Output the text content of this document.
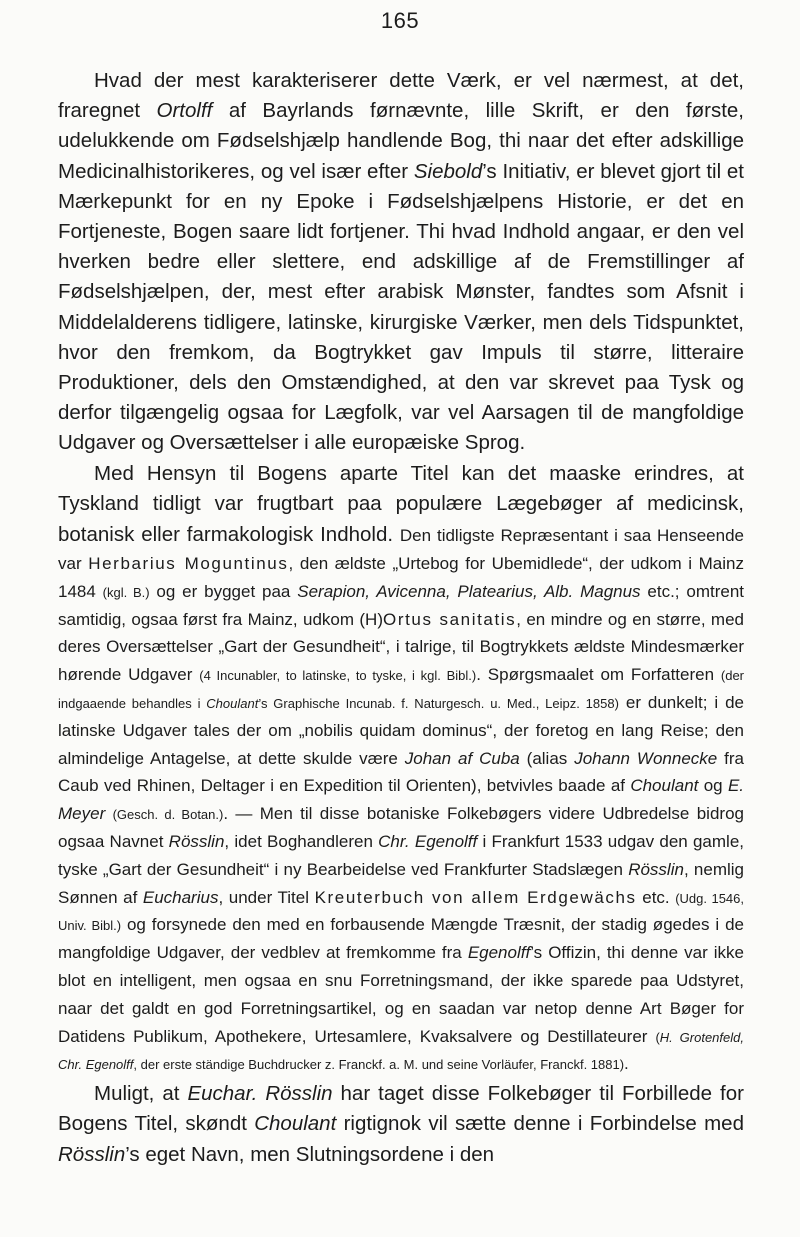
165

Hvad der mest karakteriserer dette Værk, er vel nærmest, at det, fraregnet Ortolff af Bayrlands førnævnte, lille Skrift, er den første, udelukkende om Fødselshjælp handlende Bog, thi naar det efter adskillige Medicinalhistorikeres, og vel især efter Siebold’s Initiativ, er blevet gjort til et Mærkepunkt for en ny Epoke i Fødselshjælpens Historie, er det en Fortjeneste, Bogen saare lidt fortjener. Thi hvad Indhold angaar, er den vel hverken bedre eller slettere, end adskillige af de Fremstillinger af Fødselshjælpen, der, mest efter arabisk Mønster, fandtes som Afsnit i Middelalderens tidligere, latinske, kirurgiske Værker, men dels Tidspunktet, hvor den fremkom, da Bogtrykket gav Impuls til større, litteraire Produktioner, dels den Omstændighed, at den var skrevet paa Tysk og derfor tilgængelig ogsaa for Lægfolk, var vel Aarsagen til de mangfoldige Udgaver og Oversættelser i alle europæiske Sprog.

Med Hensyn til Bogens aparte Titel kan det maaske erindres, at Tyskland tidligt var frugtbart paa populære Lægebøger af medicinsk, botanisk eller farmakologisk Indhold. Den tidligste Repræsentant i saa Henseende var Herbarius Moguntinus, den ældste „Urtebog for Ubemidlede“, der udkom i Mainz 1484 (kgl. B.) og er bygget paa Serapion, Avicenna, Platearius, Alb. Magnus etc.; omtrent samtidig, ogsaa først fra Mainz, udkom (H)Ortus sanitatis, en mindre og en større, med deres Oversættelser „Gart der Gesundheit“, i talrige, til Bogtrykkets ældste Mindesmærker hørende Udgaver (4 Incunabler, to latinske, to tyske, i kgl. Bibl.). Spørgsmaalet om Forfatteren (der indgaaende behandles i Choulant’s Graphische Incunab. f. Naturgesch. u. Med., Leipz. 1858) er dunkelt; i de latinske Udgaver tales der om „nobilis quidam dominus“, der foretog en lang Reise; den almindelige Antagelse, at dette skulde være Johan af Cuba (alias Johann Wonnecke fra Caub ved Rhinen, Deltager i en Expedition til Orienten), betvivles baade af Choulant og E. Meyer (Gesch. d. Botan.). — Men til disse botaniske Folkebøgers videre Udbredelse bidrog ogsaa Navnet Rösslin, idet Boghandleren Chr. Egenolff i Frankfurt 1533 udgav den gamle, tyske „Gart der Gesundheit“ i ny Bearbeidelse ved Frankfurter Stadslægen Rösslin, nemlig Sønnen af Eucharius, under Titel Kreuterbuch von allem Erdgewächs etc. (Udg. 1546, Univ. Bibl.) og forsynede den med en forbausende Mængde Træsnit, der stadig øgedes i de mangfoldige Udgaver, der vedblev at fremkomme fra Egenolff’s Offizin, thi denne var ikke blot en intelligent, men ogsaa en snu Forretningsmand, der ikke sparede paa Udstyret, naar det galdt en god Forretningsartikel, og en saadan var netop denne Art Bøger for Datidens Publikum, Apothekere, Urtesamlere, Kvaksalvere og Destillateurer (H. Grotenfeld, Chr. Egenolff, der erste ständige Buchdrucker z. Franckf. a. M. und seine Vorläufer, Franckf. 1881).

Muligt, at Euchar. Rösslin har taget disse Folkebøger til Forbillede for Bogens Titel, skøndt Choulant rigtignok vil sætte denne i Forbindelse med Rösslin’s eget Navn, men Slutningsordene i den
